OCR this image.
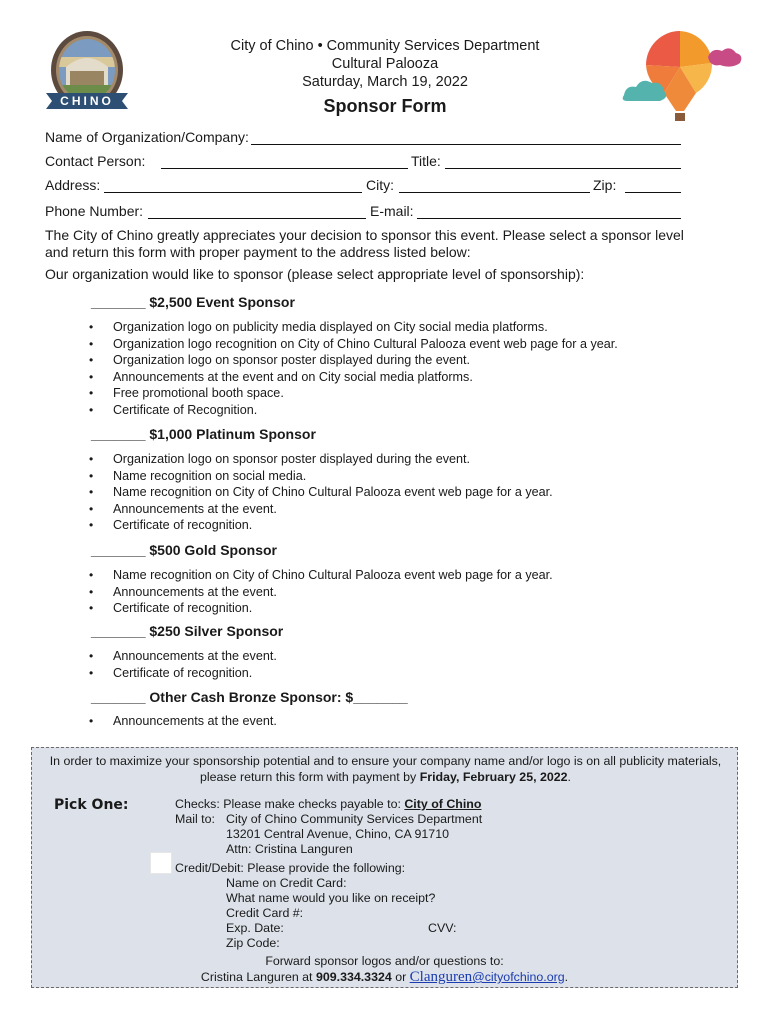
CHINO
City of Chino • Community Services Department
Cultural Palooza
Saturday, March 19, 2022
Sponsor Form
Name of Organization/Company:
Contact Person:	Title:
Address:	City:	Zip:
Phone Number:	E-mail:
The City of Chino greatly appreciates your decision to sponsor this event. Please select a sponsor level and return this form with proper payment to the address listed below:
Our organization would like to sponsor (please select appropriate level of sponsorship):
_______ $2,500 Event Sponsor
• Organization logo on publicity media displayed on City social media platforms.
• Organization logo recognition on City of Chino Cultural Palooza event web page for a year.
• Organization logo on sponsor poster displayed during the event.
• Announcements at the event and on City social media platforms.
• Free promotional booth space.
• Certificate of Recognition.
_______ $1,000 Platinum Sponsor
• Organization logo on sponsor poster displayed during the event.
• Name recognition on social media.
• Name recognition on City of Chino Cultural Palooza event web page for a year.
• Announcements at the event.
• Certificate of recognition.
_______ $500 Gold Sponsor
• Name recognition on City of Chino Cultural Palooza event web page for a year.
• Announcements at the event.
• Certificate of recognition.
_______ $250 Silver Sponsor
• Announcements at the event.
• Certificate of recognition.
_______ Other Cash Bronze Sponsor: $_______
• Announcements at the event.
In order to maximize your sponsorship potential and to ensure your company name and/or logo is on all publicity materials, please return this form with payment by Friday, February 25, 2022.
Pick One:	Checks: Please make checks payable to: City of Chino
Mail to: City of Chino Community Services Department
13201 Central Avenue, Chino, CA 91710
Attn: Cristina Languren
Credit/Debit: Please provide the following:
Name on Credit Card:
What name would you like on receipt?
Credit Card #:
Exp. Date:	CVV:
Zip Code:
Forward sponsor logos and/or questions to:
Cristina Languren at 909.334.3324 or Clanguren@cityofchino.org.
